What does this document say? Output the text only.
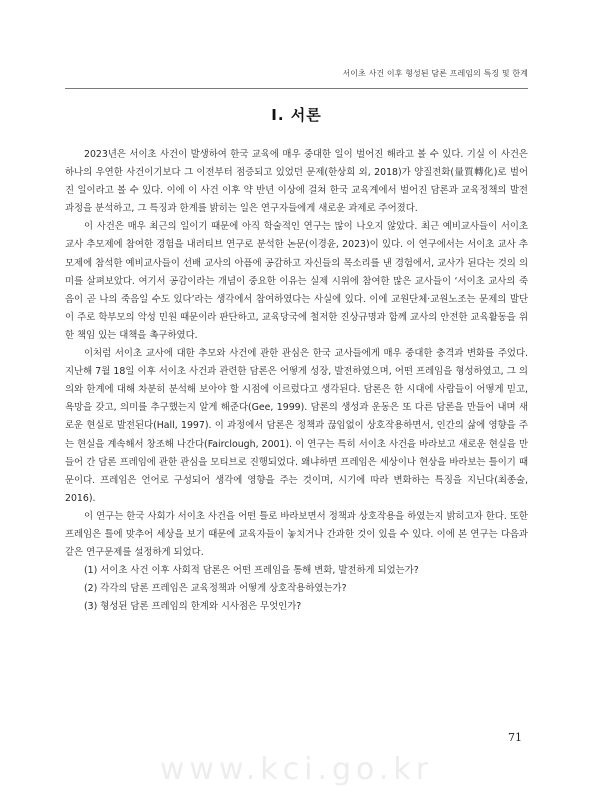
서이초 사건 이후 형성된 담론 프레임의 특징 및 한계
Ⅰ. 서론

2023년은 서이초 사건이 발생하여 한국 교육에 매우 중대한 일이 벌어진 해라고 볼 수 있다. 기실 이 사건은 하나의 우연한 사건이기보다 그 이전부터 점증되고 있었던 문제(한상희 외, 2018)가 양질전화(量質轉化)로 벌어진 일이라고 볼 수 있다. 이에 이 사건 이후 약 반년 이상에 걸쳐 한국 교육계에서 벌어진 담론과 교육정책의 발전 과정을 분석하고, 그 특징과 한계를 밝히는 일은 연구자들에게 새로운 과제로 주어졌다.

이 사건은 매우 최근의 일이기 때문에 아직 학술적인 연구는 많이 나오지 않았다. 최근 예비교사들이 서이초 교사 추모제에 참여한 경험을 내러티브 연구로 분석한 논문(이경윤, 2023)이 있다. 이 연구에서는 서이초 교사 추모제에 참석한 예비교사들이 선배 교사의 아픔에 공감하고 자신들의 목소리를 낸 경험에서, 교사가 된다는 것의 의미를 살펴보았다. 여기서 공감이라는 개념이 중요한 이유는 실제 시위에 참여한 많은 교사들이 ‘서이초 교사의 죽음이 곧 나의 죽음일 수도 있다’라는 생각에서 참여하였다는 사실에 있다. 이에 교원단체·교원노조는 문제의 발단이 주로 학부모의 악성 민원 때문이라 판단하고, 교육당국에 철저한 진상규명과 함께 교사의 안전한 교육활동을 위한 책임 있는 대책을 촉구하였다.

이처럼 서이초 교사에 대한 추모와 사건에 관한 관심은 한국 교사들에게 매우 중대한 충격과 변화를 주었다. 지난해 7월 18일 이후 서이초 사건과 관련한 담론은 어떻게 성장, 발전하였으며, 어떤 프레임을 형성하였고, 그 의의와 한계에 대해 차분히 분석해 보아야 할 시점에 이르렀다고 생각된다. 담론은 한 시대에 사람들이 어떻게 믿고, 욕망을 갖고, 의미를 추구했는지 알게 해준다(Gee, 1999). 담론의 생성과 운동은 또 다른 담론을 만들어 내며 새로운 현실로 발전된다(Hall, 1997). 이 과정에서 담론은 정책과 끊임없이 상호작용하면서, 인간의 삶에 영향을 주는 현실을 계속해서 창조해 나간다(Fairclough, 2001). 이 연구는 특히 서이초 사건을 바라보고 새로운 현실을 만들어 간 담론 프레임에 관한 관심을 모티브로 진행되었다. 왜냐하면 프레임은 세상이나 현상을 바라보는 틀이기 때문이다. 프레임은 언어로 구성되어 생각에 영향을 주는 것이며, 시기에 따라 변화하는 특징을 지닌다(최종술, 2016).

이 연구는 한국 사회가 서이초 사건을 어떤 틀로 바라보면서 정책과 상호작용을 하였는지 밝히고자 한다. 또한 프레임은 틀에 맞추어 세상을 보기 때문에 교육자들이 놓치거나 간과한 것이 있을 수 있다. 이에 본 연구는 다음과 같은 연구문제를 설정하게 되었다.

(1) 서이초 사건 이후 사회적 담론은 어떤 프레임을 통해 변화, 발전하게 되었는가?
(2) 각각의 담론 프레임은 교육정책과 어떻게 상호작용하였는가?
(3) 형성된 담론 프레임의 한계와 시사점은 무엇인가?
71
www.kci.go.kr
